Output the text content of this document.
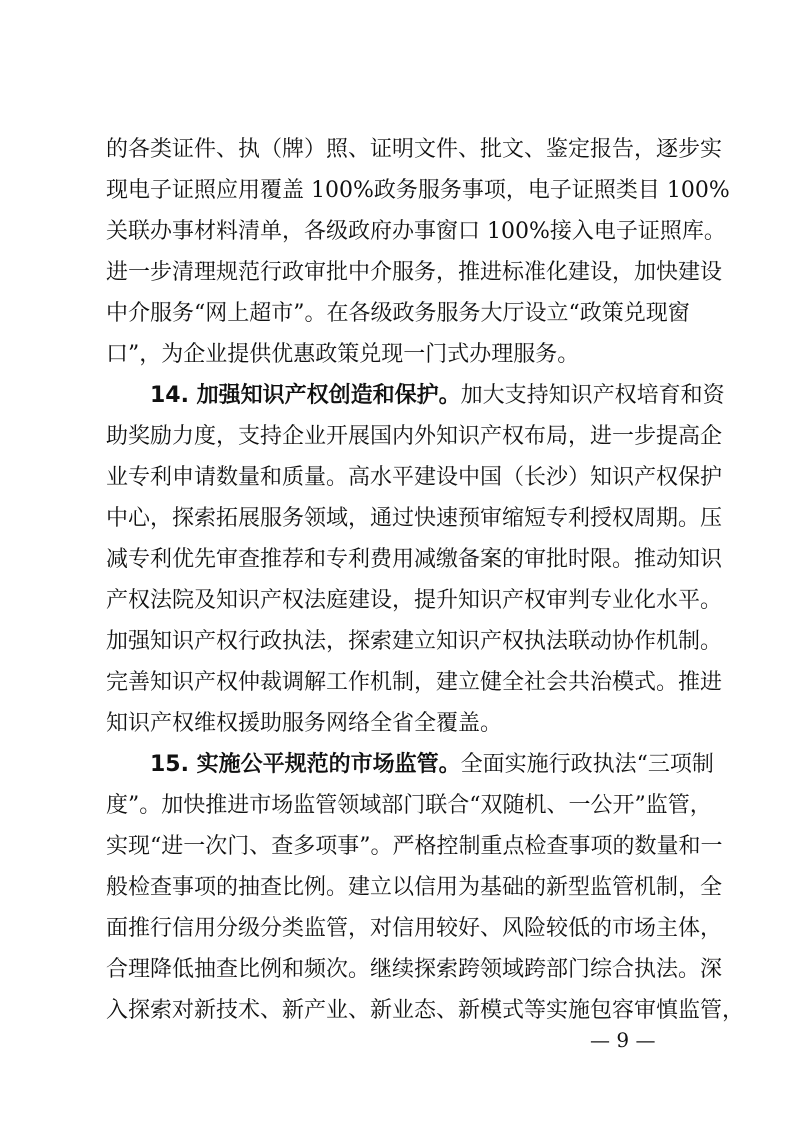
的各类证件、执（牌）照、证明文件、批文、鉴定报告，逐步实
现电子证照应用覆盖 100%政务服务事项，电子证照类目 100%
关联办事材料清单，各级政府办事窗口 100%接入电子证照库。
进一步清理规范行政审批中介服务，推进标准化建设，加快建设
中介服务“网上超市”。在各级政务服务大厅设立“政策兑现窗
口”，为企业提供优惠政策兑现一门式办理服务。
14. 加强知识产权创造和保护。加大支持知识产权培育和资
助奖励力度，支持企业开展国内外知识产权布局，进一步提高企
业专利申请数量和质量。高水平建设中国（长沙）知识产权保护
中心，探索拓展服务领域，通过快速预审缩短专利授权周期。压
减专利优先审查推荐和专利费用减缴备案的审批时限。推动知识
产权法院及知识产权法庭建设，提升知识产权审判专业化水平。
加强知识产权行政执法，探索建立知识产权执法联动协作机制。
完善知识产权仲裁调解工作机制，建立健全社会共治模式。推进
知识产权维权援助服务网络全省全覆盖。
15. 实施公平规范的市场监管。全面实施行政执法“三项制
度”。加快推进市场监管领域部门联合“双随机、一公开”监管，
实现“进一次门、查多项事”。严格控制重点检查事项的数量和一
般检查事项的抽查比例。建立以信用为基础的新型监管机制，全
面推行信用分级分类监管，对信用较好、风险较低的市场主体，
合理降低抽查比例和频次。继续探索跨领域跨部门综合执法。深
入探索对新技术、新产业、新业态、新模式等实施包容审慎监管，
— 9 —
